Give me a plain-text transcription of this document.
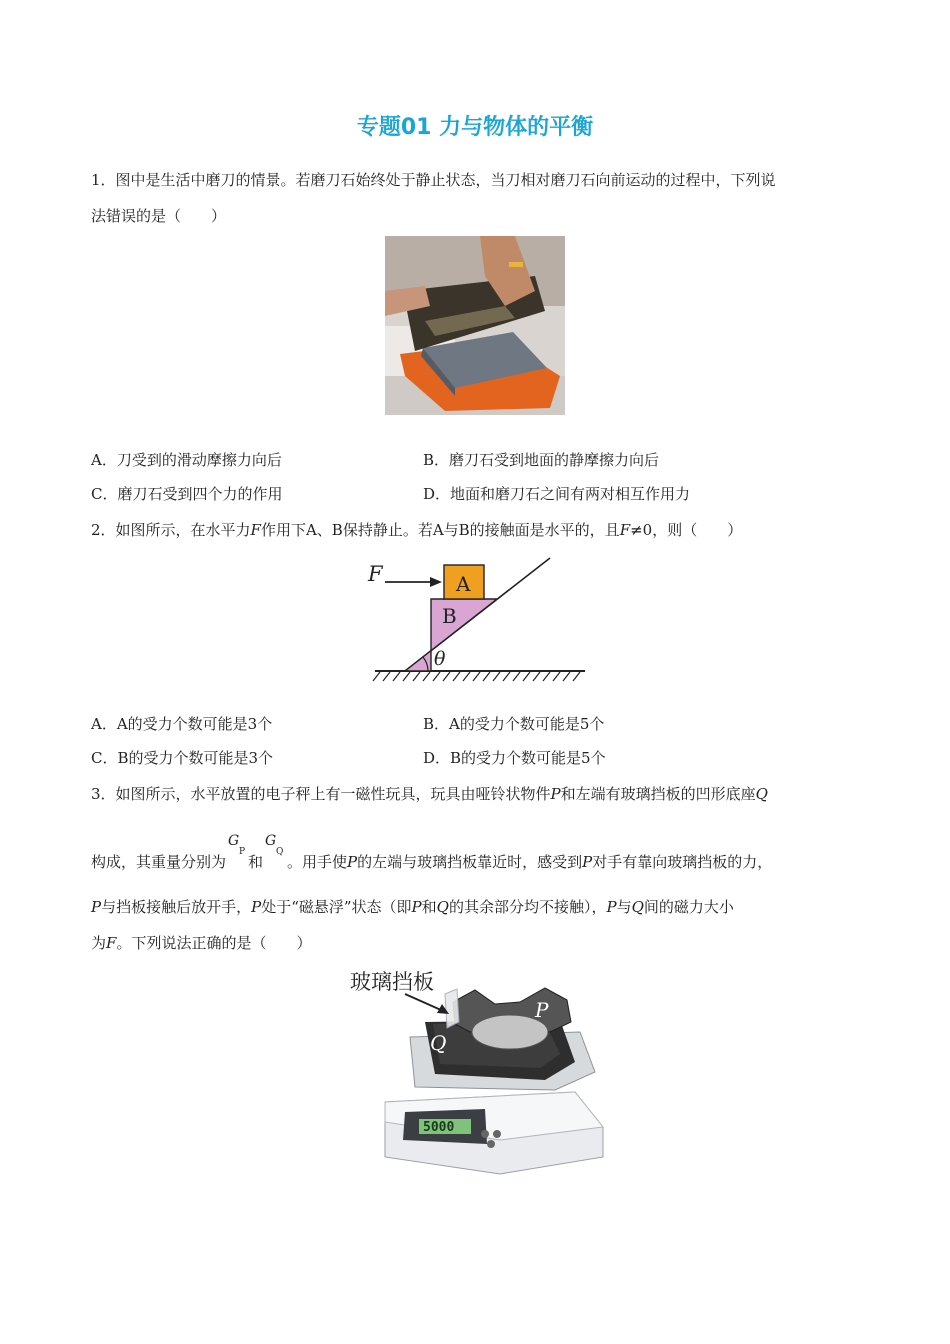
专题01 力与物体的平衡
1．图中是生活中磨刀的情景。若磨刀石始终处于静止状态，当刀相对磨刀石向前运动的过程中，下列说
法错误的是（　　）
A．刀受到的滑动摩擦力向后	B．磨刀石受到地面的静摩擦力向后
C．磨刀石受到四个力的作用	D．地面和磨刀石之间有两对相互作用力
2．如图所示，在水平力F作用下A、B保持静止。若A与B的接触面是水平的，且F≠0，则（　　）
F	A
B
θ
A．A的受力个数可能是3个	B．A的受力个数可能是5个
C．B的受力个数可能是3个	D．B的受力个数可能是5个
3．如图所示，水平放置的电子秤上有一磁性玩具，玩具由哑铃状物件P和左端有玻璃挡板的凹形底座Q
构成，其重量分别为
G
P
和
G
Q
。用手使P的左端与玻璃挡板靠近时，感受到P对手有靠向玻璃挡板的力，
P与挡板接触后放开手，P处于“磁悬浮”状态（即P和Q的其余部分均不接触），P与Q间的磁力大小
为F。下列说法正确的是（　　）
5000
玻璃挡板
P
Q
